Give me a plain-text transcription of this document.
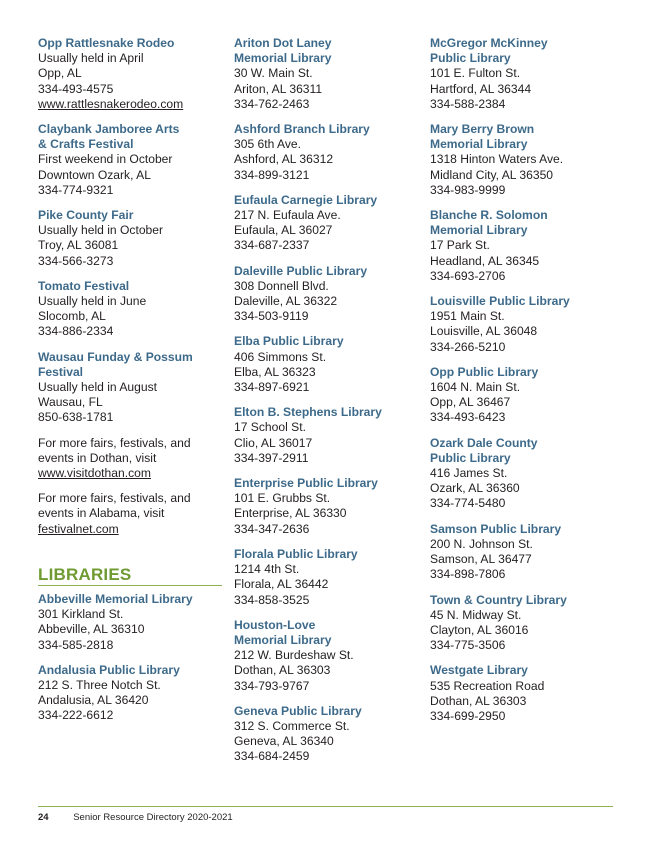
Opp Rattlesnake Rodeo
Usually held in April
Opp, AL
334-493-4575
www.rattlesnakerodeo.com
Claybank Jamboree Arts
& Crafts Festival
First weekend in October
Downtown Ozark, AL
334-774-9321
Pike County Fair
Usually held in October
Troy, AL 36081
334-566-3273
Tomato Festival
Usually held in June
Slocomb, AL
334-886-2334
Wausau Funday & Possum
Festival
Usually held in August
Wausau, FL
850-638-1781
For more fairs, festivals, and
events in Dothan, visit
www.visitdothan.com
For more fairs, festivals, and
events in Alabama, visit
festivalnet.com
LIBRARIES
Abbeville Memorial Library
301 Kirkland St.
Abbeville, AL 36310
334-585-2818
Andalusia Public Library
212 S. Three Notch St.
Andalusia, AL 36420
334-222-6612
Ariton Dot Laney
Memorial Library
30 W. Main St.
Ariton, AL 36311
334-762-2463
Ashford Branch Library
305 6th Ave.
Ashford, AL 36312
334-899-3121
Eufaula Carnegie Library
217 N. Eufaula Ave.
Eufaula, AL 36027
334-687-2337
Daleville Public Library
308 Donnell Blvd.
Daleville, AL 36322
334-503-9119
Elba Public Library
406 Simmons St.
Elba, AL 36323
334-897-6921
Elton B. Stephens Library
17 School St.
Clio, AL 36017
334-397-2911
Enterprise Public Library
101 E. Grubbs St.
Enterprise, AL 36330
334-347-2636
Florala Public Library
1214 4th St.
Florala, AL 36442
334-858-3525
Houston-Love
Memorial Library
212 W. Burdeshaw St.
Dothan, AL 36303
334-793-9767
Geneva Public Library
312 S. Commerce St.
Geneva, AL 36340
334-684-2459
McGregor McKinney
Public Library
101 E. Fulton St.
Hartford, AL 36344
334-588-2384
Mary Berry Brown
Memorial Library
1318 Hinton Waters Ave.
Midland City, AL 36350
334-983-9999
Blanche R. Solomon
Memorial Library
17 Park St.
Headland, AL 36345
334-693-2706
Louisville Public Library
1951 Main St.
Louisville, AL 36048
334-266-5210
Opp Public Library
1604 N. Main St.
Opp, AL 36467
334-493-6423
Ozark Dale County
Public Library
416 James St.
Ozark, AL 36360
334-774-5480
Samson Public Library
200 N. Johnson St.
Samson, AL 36477
334-898-7806
Town & Country Library
45 N. Midway St.
Clayton, AL 36016
334-775-3506
Westgate Library
535 Recreation Road
Dothan, AL 36303
334-699-2950
24	Senior Resource Directory 2020-2021
